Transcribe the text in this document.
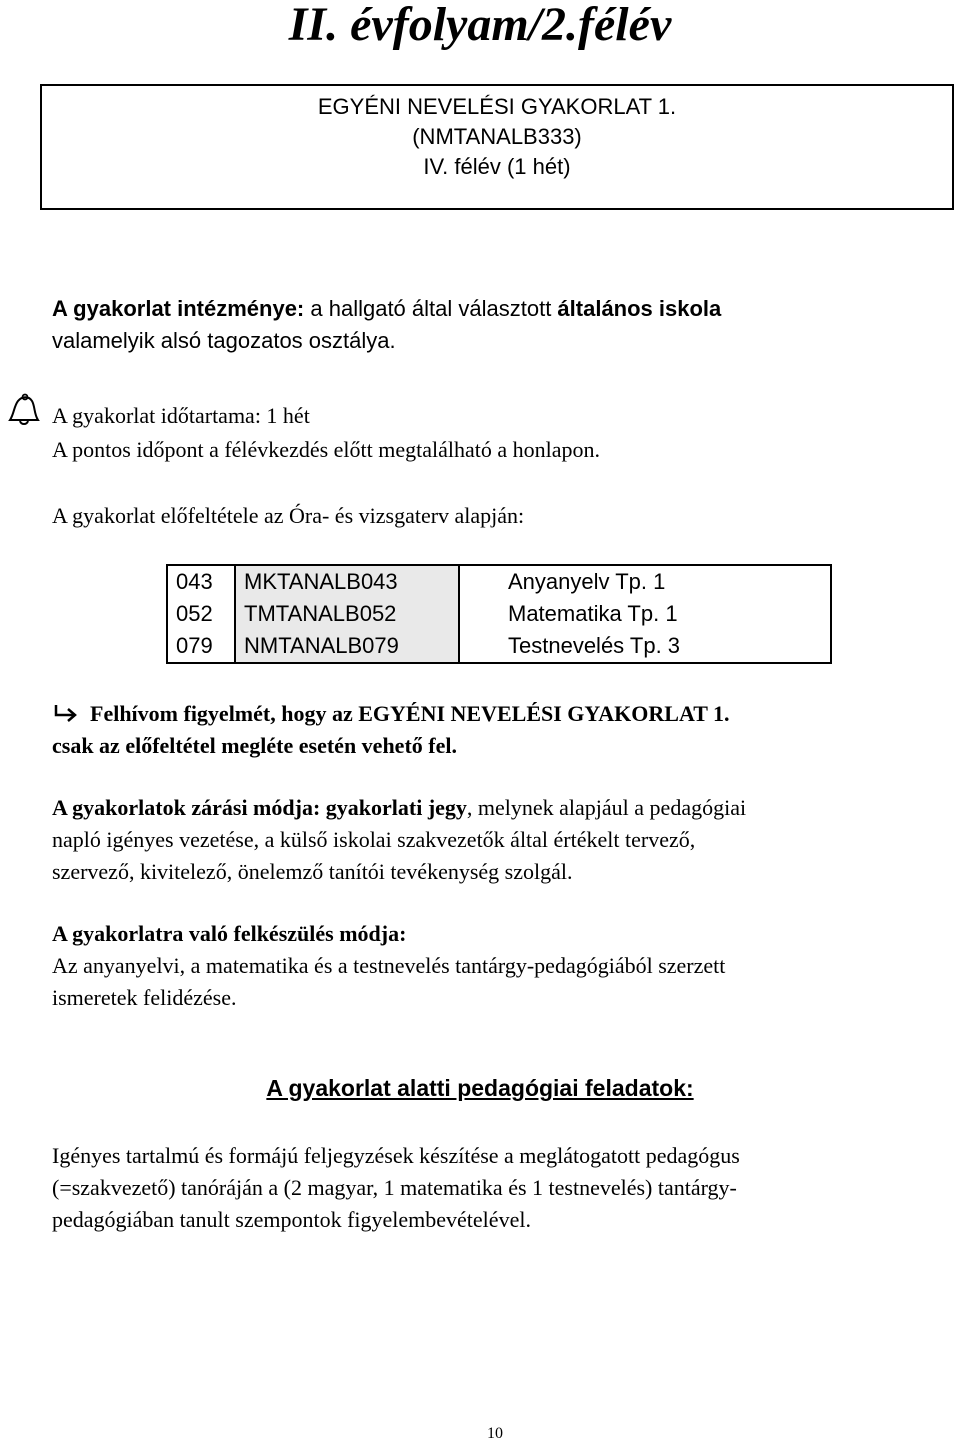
II. évfolyam/2.félév
EGYÉNI NEVELÉSI GYAKORLAT 1.
(NMTANALB333)
IV. félév (1 hét)
A gyakorlat intézménye: a hallgató által választott általános iskola
valamelyik alsó tagozatos osztálya.
A gyakorlat időtartama: 1 hét
A pontos időpont a félévkezdés előtt megtalálható a honlapon.
A gyakorlat előfeltétele az Óra- és vizsgaterv alapján:
043	MKTANALB043	Anyanyelv Tp. 1
052	TMTANALB052	Matematika Tp. 1
079	NMTANALB079	Testnevelés Tp. 3
Felhívom figyelmét, hogy az EGYÉNI NEVELÉSI GYAKORLAT 1.
csak az előfeltétel megléte esetén vehető fel.
A gyakorlatok zárási módja: gyakorlati jegy, melynek alapjául a pedagógiai
napló igényes vezetése, a külső iskolai szakvezetők által értékelt tervező,
szervező, kivitelező, önelemző tanítói tevékenység szolgál.
A gyakorlatra való felkészülés módja:
Az anyanyelvi, a matematika és a testnevelés tantárgy-pedagógiából szerzett
ismeretek felidézése.
A gyakorlat alatti pedagógiai feladatok:
Igényes tartalmú és formájú feljegyzések készítése a meglátogatott pedagógus
(=szakvezető) tanóráján a (2 magyar, 1 matematika és 1 testnevelés) tantárgy-
pedagógiában tanult szempontok figyelembevételével.
10
